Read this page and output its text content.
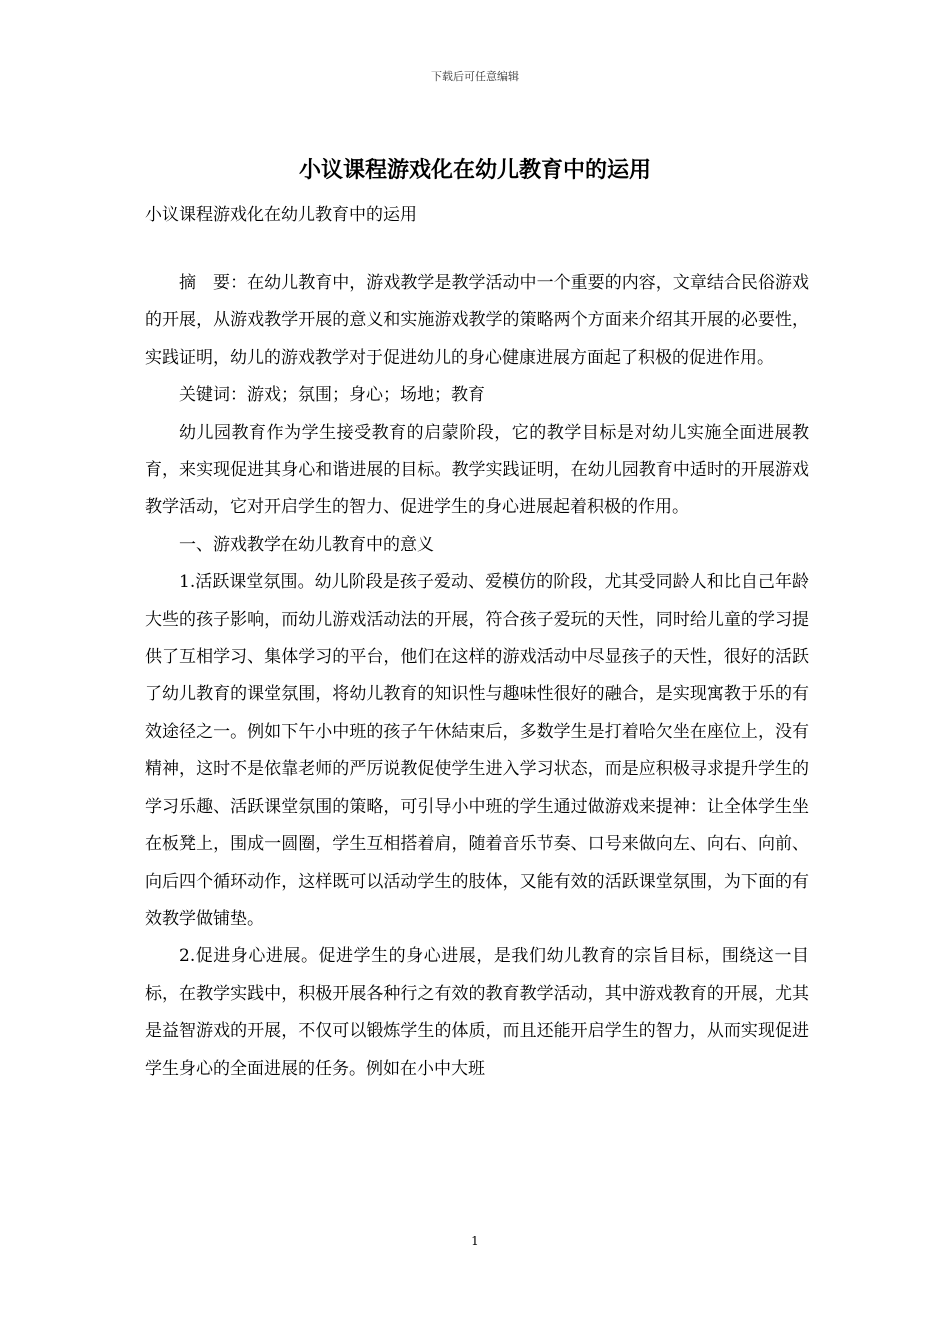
下载后可任意编辑
小议课程游戏化在幼儿教育中的运用
小议课程游戏化在幼儿教育中的运用

摘　要：在幼儿教育中，游戏教学是教学活动中一个重要的内容，文章结合民俗游戏的开展，从游戏教学开展的意义和实施游戏教学的策略两个方面来介绍其开展的必要性，实践证明，幼儿的游戏教学对于促进幼儿的身心健康进展方面起了积极的促进作用。

关键词：游戏；氛围；身心；场地；教育

幼儿园教育作为学生接受教育的启蒙阶段，它的教学目标是对幼儿实施全面进展教育，来实现促进其身心和谐进展的目标。教学实践证明，在幼儿园教育中适时的开展游戏教学活动，它对开启学生的智力、促进学生的身心进展起着积极的作用。

一、游戏教学在幼儿教育中的意义

1.活跃课堂氛围。幼儿阶段是孩子爱动、爱模仿的阶段，尤其受同龄人和比自己年龄大些的孩子影响，而幼儿游戏活动法的开展，符合孩子爱玩的天性，同时给儿童的学习提供了互相学习、集体学习的平台，他们在这样的游戏活动中尽显孩子的天性，很好的活跃了幼儿教育的课堂氛围，将幼儿教育的知识性与趣味性很好的融合，是实现寓教于乐的有效途径之一。例如下午小中班的孩子午休結束后，多数学生是打着哈欠坐在座位上，没有精神，这时不是依靠老师的严厉说教促使学生进入学习状态，而是应积极寻求提升学生的学习乐趣、活跃课堂氛围的策略，可引导小中班的学生通过做游戏来提神：让全体学生坐在板凳上，围成一圆圈，学生互相搭着肩，随着音乐节奏、口号来做向左、向右、向前、向后四个循环动作，这样既可以活动学生的肢体，又能有效的活跃课堂氛围，为下面的有效教学做铺垫。

2.促进身心进展。促进学生的身心进展，是我们幼儿教育的宗旨目标，围绕这一目标，在教学实践中，积极开展各种行之有效的教育教学活动，其中游戏教育的开展，尤其是益智游戏的开展，不仅可以锻炼学生的体质，而且还能开启学生的智力，从而实现促进学生身心的全面进展的任务。例如在小中大班

1
